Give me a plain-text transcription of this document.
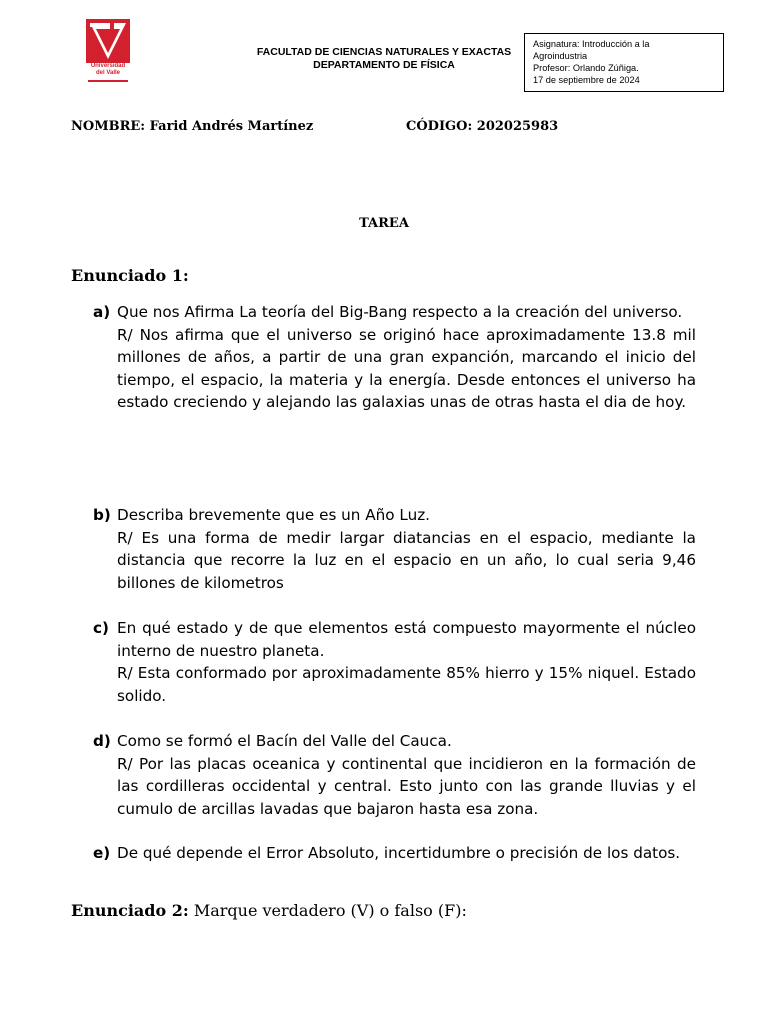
Universidad
del Valle
FACULTAD DE CIENCIAS NATURALES Y EXACTAS
DEPARTAMENTO DE FÍSICA
Asignatura: Introducción a la
Agroindustria
Profesor: Orlando Zúñiga.
17 de septiembre de 2024
NOMBRE: Farid Andrés Martínez	CÓDIGO: 202025983
TAREA
Enunciado 1:
a) Que nos Afirma La teoría del Big-Bang respecto a la creación del universo.
R/ Nos afirma que el universo se originó hace aproximadamente 13.8 mil millones de años, a partir de una gran expanción, marcando el inicio del tiempo, el espacio, la materia y la energía. Desde entonces el universo ha estado creciendo y alejando las galaxias unas de otras hasta el dia de hoy.
b) Describa brevemente que es un Año Luz.
R/ Es una forma de medir largar diatancias en el espacio, mediante la distancia que recorre la luz en el espacio en un año, lo cual seria 9,46 billones de kilometros
c) En qué estado y de que elementos está compuesto mayormente el núcleo interno de nuestro planeta.
R/ Esta conformado por aproximadamente 85% hierro y 15% niquel. Estado solido.
d) Como se formó el Bacín del Valle del Cauca.
R/ Por las placas oceanica y continental que incidieron en la formación de las cordilleras occidental y central. Esto junto con las grande lluvias y el cumulo de arcillas lavadas que bajaron hasta esa zona.
e) De qué depende el Error Absoluto, incertidumbre o precisión de los datos.
Enunciado 2: Marque verdadero (V) o falso (F):
